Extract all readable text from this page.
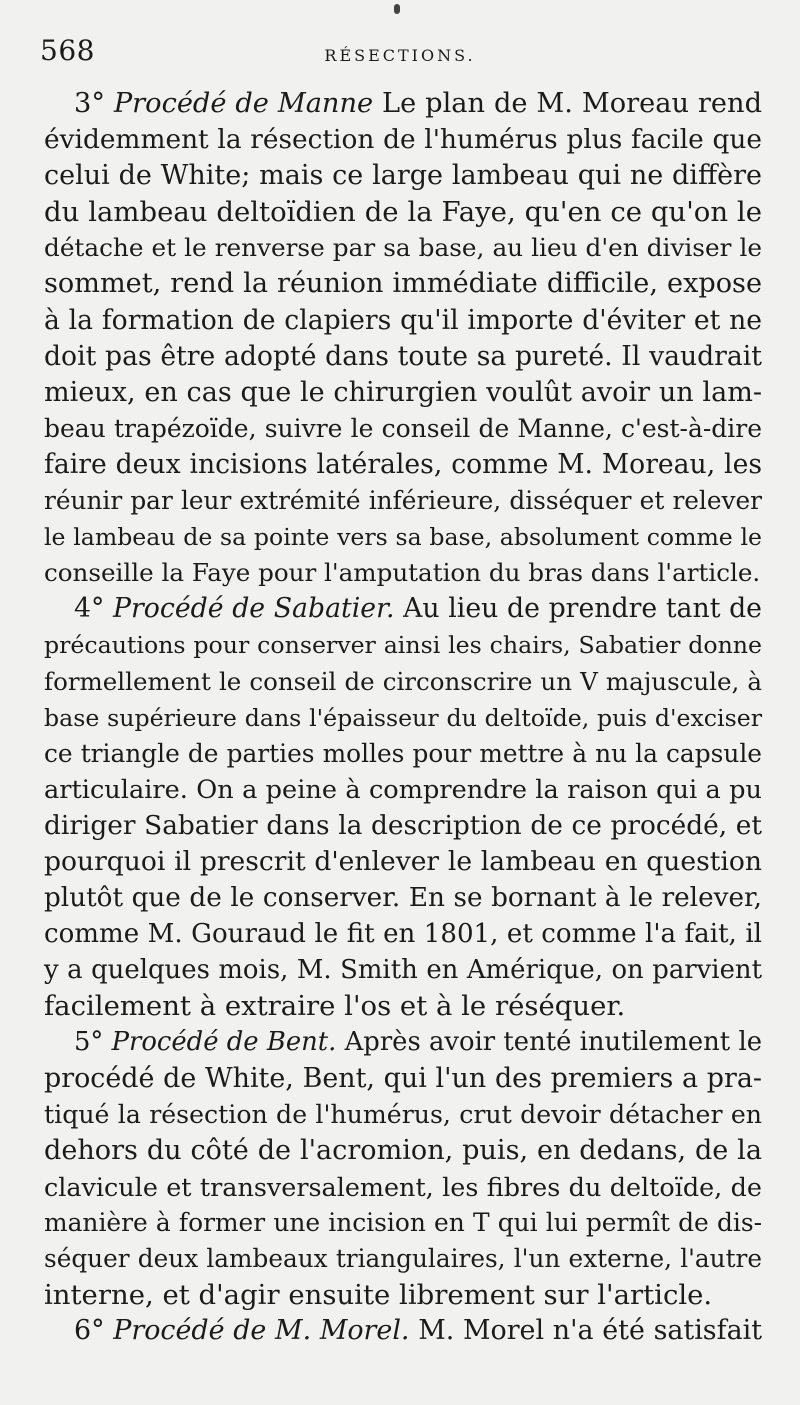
568	RÉSECTIONS.
3° Procédé de Manne Le plan de M. Moreau rend
évidemment la résection de l'humérus plus facile que
celui de White; mais ce large lambeau qui ne diffère
du lambeau deltoïdien de la Faye, qu'en ce qu'on le
détache et le renverse par sa base, au lieu d'en diviser le
sommet, rend la réunion immédiate difficile, expose
à la formation de clapiers qu'il importe d'éviter et ne
doit pas être adopté dans toute sa pureté. Il vaudrait
mieux, en cas que le chirurgien voulût avoir un lam-
beau trapézoïde, suivre le conseil de Manne, c'est-à-dire
faire deux incisions latérales, comme M. Moreau, les
réunir par leur extrémité inférieure, disséquer et relever
le lambeau de sa pointe vers sa base, absolument comme le
conseille la Faye pour l'amputation du bras dans l'article.
4° Procédé de Sabatier. Au lieu de prendre tant de
précautions pour conserver ainsi les chairs, Sabatier donne
formellement le conseil de circonscrire un V majuscule, à
base supérieure dans l'épaisseur du deltoïde, puis d'exciser
ce triangle de parties molles pour mettre à nu la capsule
articulaire. On a peine à comprendre la raison qui a pu
diriger Sabatier dans la description de ce procédé, et
pourquoi il prescrit d'enlever le lambeau en question
plutôt que de le conserver. En se bornant à le relever,
comme M. Gouraud le fit en 1801, et comme l'a fait, il
y a quelques mois, M. Smith en Amérique, on parvient
facilement à extraire l'os et à le réséquer.
5° Procédé de Bent. Après avoir tenté inutilement le
procédé de White, Bent, qui l'un des premiers a pra-
tiqué la résection de l'humérus, crut devoir détacher en
dehors du côté de l'acromion, puis, en dedans, de la
clavicule et transversalement, les fibres du deltoïde, de
manière à former une incision en T qui lui permît de dis-
séquer deux lambeaux triangulaires, l'un externe, l'autre
interne, et d'agir ensuite librement sur l'article.
6° Procédé de M. Morel. M. Morel n'a été satisfait
